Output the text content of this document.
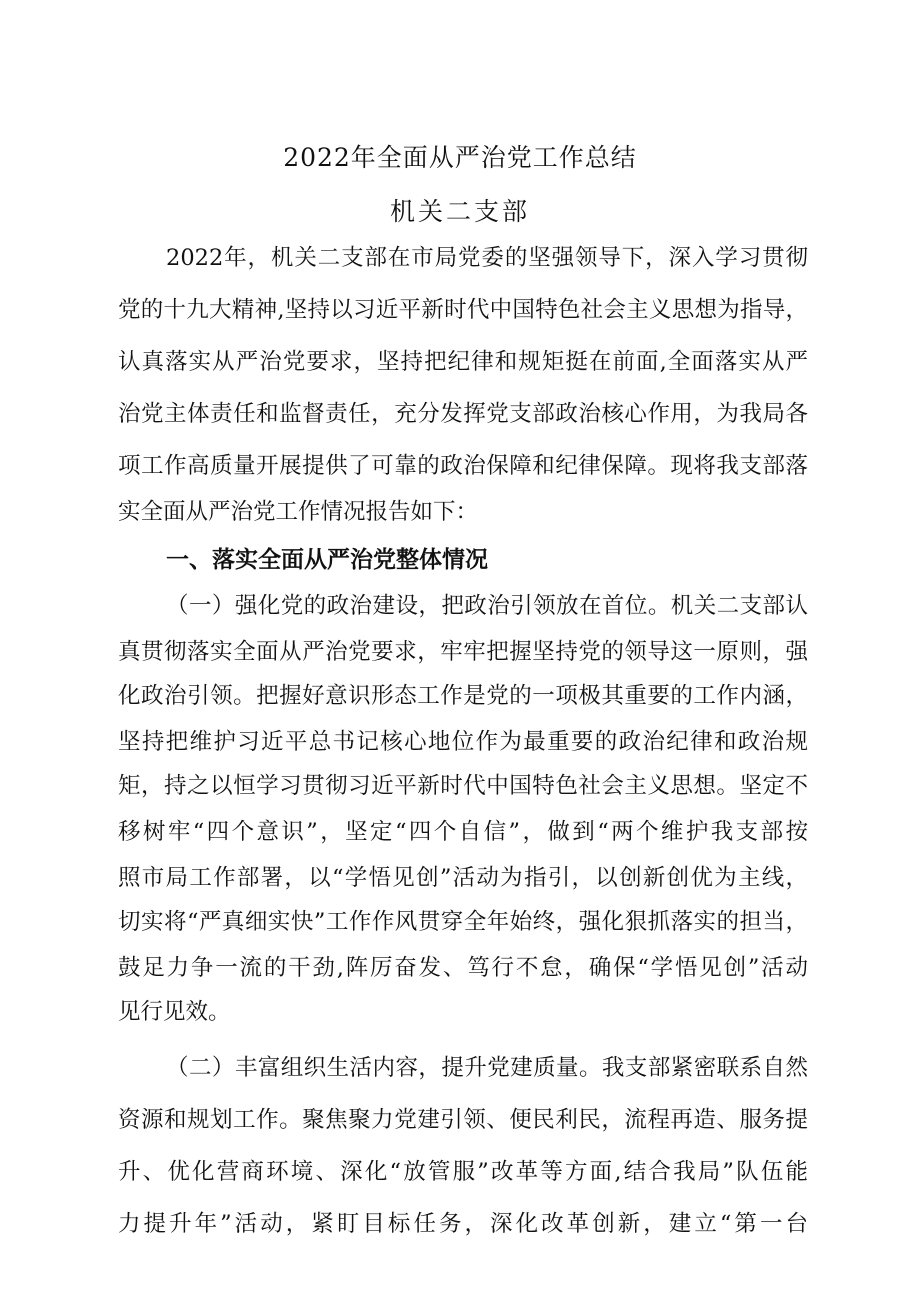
2022年全面从严治党工作总结
机关二支部
2022年，机关二支部在市局党委的坚强领导下，深入学习贯彻
党的十九大精神,坚持以习近平新时代中国特色社会主义思想为指导，
认真落实从严治党要求，坚持把纪律和规矩挺在前面,全面落实从严
治党主体责任和监督责任，充分发挥党支部政治核心作用，为我局各
项工作高质量开展提供了可靠的政治保障和纪律保障。现将我支部落
实全面从严治党工作情况报告如下：
一、落实全面从严治党整体情况
（一）强化党的政治建设，把政治引领放在首位。机关二支部认
真贯彻落实全面从严治党要求，牢牢把握坚持党的领导这一原则，强
化政治引领。把握好意识形态工作是党的一项极其重要的工作内涵，
坚持把维护习近平总书记核心地位作为最重要的政治纪律和政治规
矩，持之以恒学习贯彻习近平新时代中国特色社会主义思想。坚定不
移树牢“四个意识”，坚定“四个自信”，做到“两个维护我支部按
照市局工作部署，以“学悟见创”活动为指引，以创新创优为主线，
切实将“严真细实快”工作作风贯穿全年始终，强化狠抓落实的担当，
鼓足力争一流的干劲,阵厉奋发、笃行不怠，确保“学悟见创”活动
见行见效。
（二）丰富组织生活内容，提升党建质量。我支部紧密联系自然
资源和规划工作。聚焦聚力党建引领、便民利民，流程再造、服务提
升、优化营商环境、深化“放管服”改革等方面,结合我局”队伍能
力提升年”活动，紧盯目标任务，深化改革创新，建立“第一台
